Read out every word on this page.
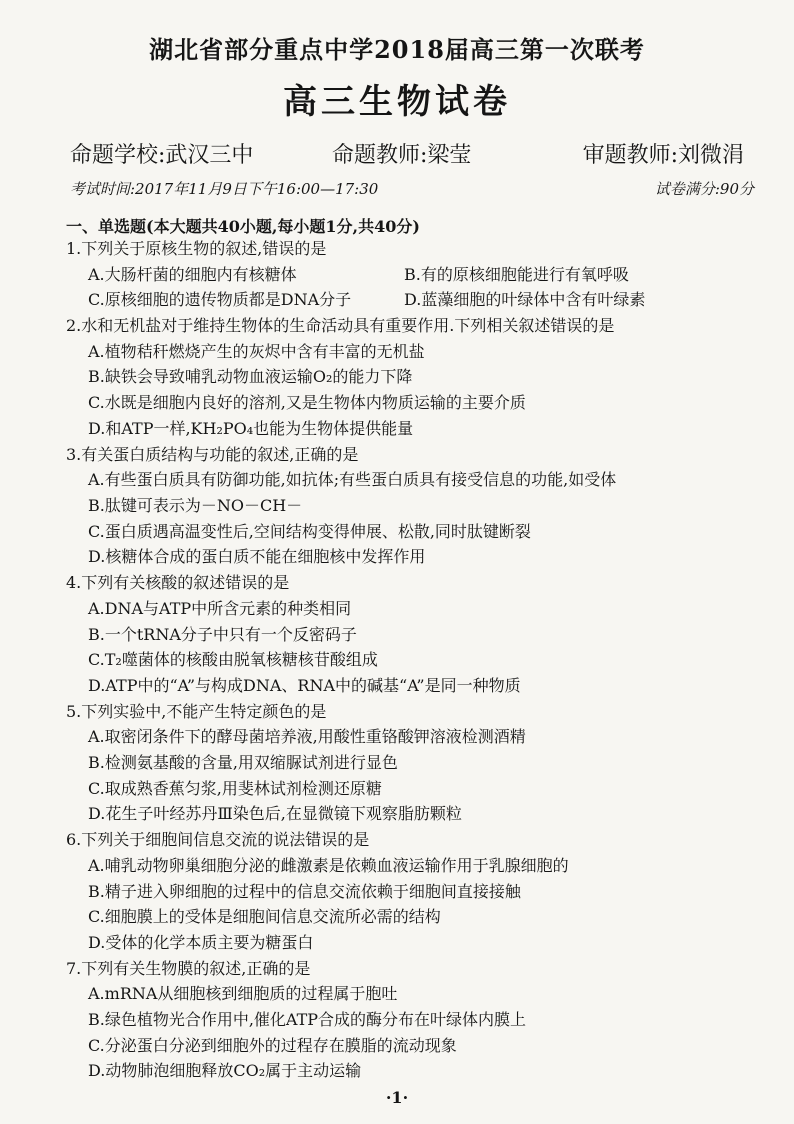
湖北省部分重点中学2018届高三第一次联考
高三生物试卷
命题学校:武汉三中	命题教师:梁莹	审题教师:刘微涓
考试时间:2017年11月9日下午16:00—17:30	试卷满分:90分
一、单选题(本大题共40小题,每小题1分,共40分)
1.下列关于原核生物的叙述,错误的是
A.大肠杆菌的细胞内有核糖体	B.有的原核细胞能进行有氧呼吸
C.原核细胞的遗传物质都是DNA分子	D.蓝藻细胞的叶绿体中含有叶绿素
2.水和无机盐对于维持生物体的生命活动具有重要作用.下列相关叙述错误的是
A.植物秸秆燃烧产生的灰烬中含有丰富的无机盐
B.缺铁会导致哺乳动物血液运输O₂的能力下降
C.水既是细胞内良好的溶剂,又是生物体内物质运输的主要介质
D.和ATP一样,KH₂PO₄也能为生物体提供能量
3.有关蛋白质结构与功能的叙述,正确的是
A.有些蛋白质具有防御功能,如抗体;有些蛋白质具有接受信息的功能,如受体
B.肽键可表示为－NO－CH－
C.蛋白质遇高温变性后,空间结构变得伸展、松散,同时肽键断裂
D.核糖体合成的蛋白质不能在细胞核中发挥作用
4.下列有关核酸的叙述错误的是
A.DNA与ATP中所含元素的种类相同
B.一个tRNA分子中只有一个反密码子
C.T₂噬菌体的核酸由脱氧核糖核苷酸组成
D.ATP中的“A”与构成DNA、RNA中的碱基“A”是同一种物质
5.下列实验中,不能产生特定颜色的是
A.取密闭条件下的酵母菌培养液,用酸性重铬酸钾溶液检测酒精
B.检测氨基酸的含量,用双缩脲试剂进行显色
C.取成熟香蕉匀浆,用斐林试剂检测还原糖
D.花生子叶经苏丹Ⅲ染色后,在显微镜下观察脂肪颗粒
6.下列关于细胞间信息交流的说法错误的是
A.哺乳动物卵巢细胞分泌的雌激素是依赖血液运输作用于乳腺细胞的
B.精子进入卵细胞的过程中的信息交流依赖于细胞间直接接触
C.细胞膜上的受体是细胞间信息交流所必需的结构
D.受体的化学本质主要为糖蛋白
7.下列有关生物膜的叙述,正确的是
A.mRNA从细胞核到细胞质的过程属于胞吐
B.绿色植物光合作用中,催化ATP合成的酶分布在叶绿体内膜上
C.分泌蛋白分泌到细胞外的过程存在膜脂的流动现象
D.动物肺泡细胞释放CO₂属于主动运输
·1·
